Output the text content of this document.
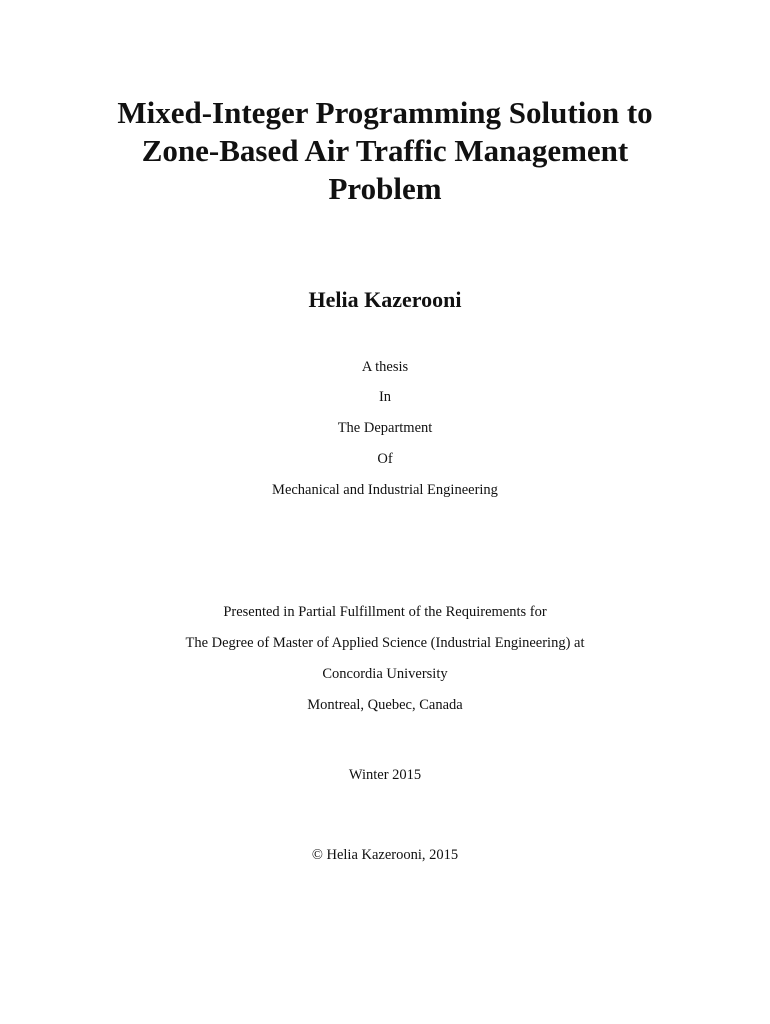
Mixed-Integer Programming Solution to
Zone-Based Air Traffic Management
Problem
Helia Kazerooni
A thesis
In
The Department
Of
Mechanical and Industrial Engineering
Presented in Partial Fulfillment of the Requirements for
The Degree of Master of Applied Science (Industrial Engineering) at
Concordia University
Montreal, Quebec, Canada
Winter 2015
© Helia Kazerooni, 2015
